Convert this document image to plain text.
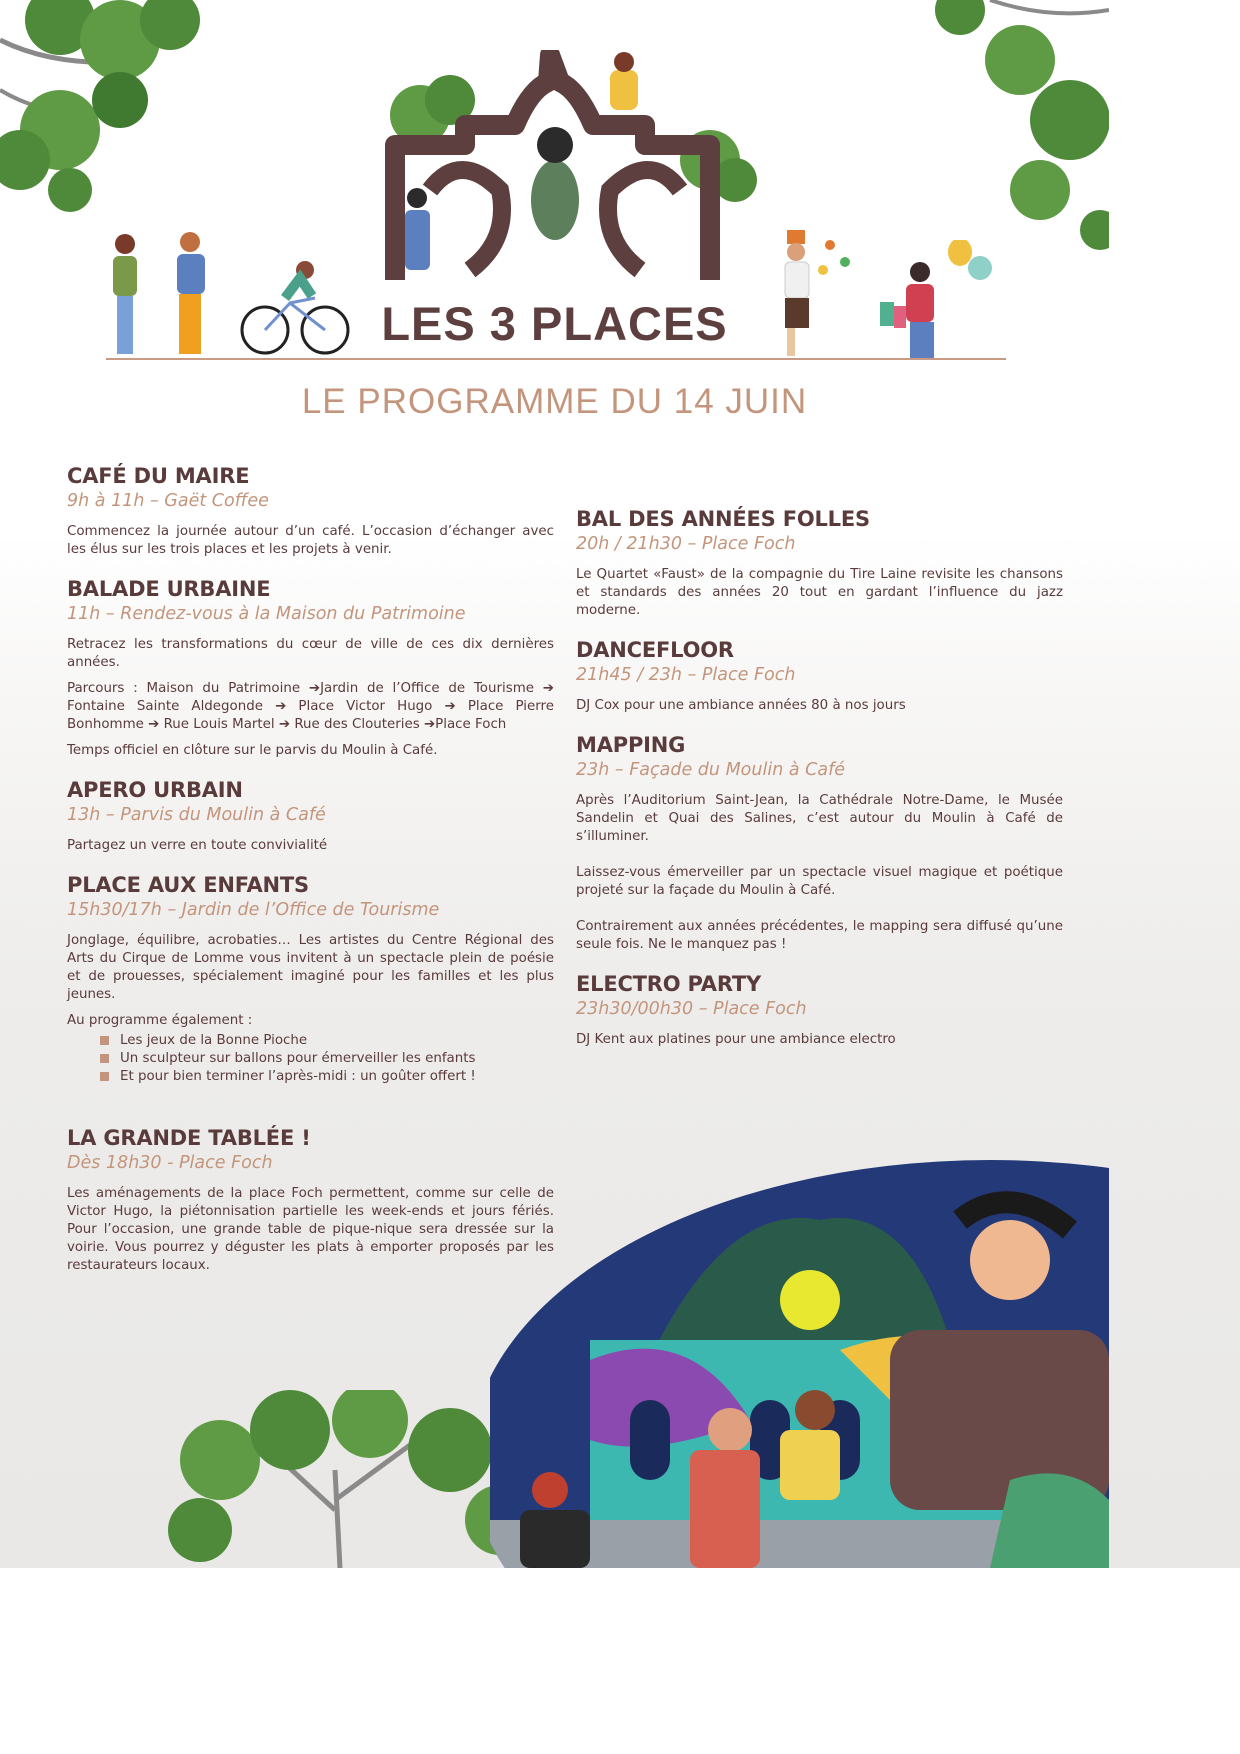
LES 3 PLACES
LE PROGRAMME DU 14 JUIN
CAFÉ DU MAIRE
9h à 11h – Gaët Coffee

Commencez la journée autour d’un café. L’occasion d’échanger avec les élus sur les trois places et les projets à venir.

BALADE URBAINE
11h – Rendez-vous à la Maison du Patrimoine

Retracez les transformations du cœur de ville de ces dix dernières années.

Parcours : Maison du Patrimoine ➔Jardin de l’Office de Tourisme ➔ Fontaine Sainte Aldegonde ➔ Place Victor Hugo ➔ Place Pierre Bonhomme ➔ Rue Louis Martel ➔ Rue des Clouteries ➔Place Foch

Temps officiel en clôture sur le parvis du Moulin à Café.

APERO URBAIN
13h – Parvis du Moulin à Café

Partagez un verre en toute convivialité

PLACE AUX ENFANTS
15h30/17h – Jardin de l’Office de Tourisme

Jonglage, équilibre, acrobaties… Les artistes du Centre Régional des Arts du Cirque de Lomme vous invitent à un spectacle plein de poésie et de prouesses, spécialement imaginé pour les familles et les plus jeunes.

Au programme également :

Les jeux de la Bonne Pioche
Un sculpteur sur ballons pour émerveiller les enfants
Et pour bien terminer l’après-midi : un goûter offert !
LA GRANDE TABLÉE !
Dès 18h30 - Place Foch

Les aménagements de la place Foch permettent, comme sur celle de Victor Hugo, la piétonnisation partielle les week-ends et jours fériés. Pour l’occasion, une grande table de pique-nique sera dressée sur la voirie. Vous pourrez y déguster les plats à emporter proposés par les restaurateurs locaux.

BAL DES ANNÉES FOLLES
20h / 21h30 – Place Foch

Le Quartet «Faust» de la compagnie du Tire Laine revisite les chansons et standards des années 20 tout en gardant l’influence du jazz moderne.

DANCEFLOOR
21h45 / 23h – Place Foch

DJ Cox pour une ambiance années 80 à nos jours

MAPPING
23h – Façade du Moulin à Café

Après l’Auditorium Saint-Jean, la Cathédrale Notre-Dame, le Musée Sandelin et Quai des Salines, c’est autour du Moulin à Café de s’illuminer.

Laissez-vous émerveiller par un spectacle visuel magique et poétique projeté sur la façade du Moulin à Café.

Contrairement aux années précédentes, le mapping sera diffusé qu’une seule fois. Ne le manquez pas !

ELECTRO PARTY
23h30/00h30 – Place Foch

DJ Kent aux platines pour une ambiance electro
